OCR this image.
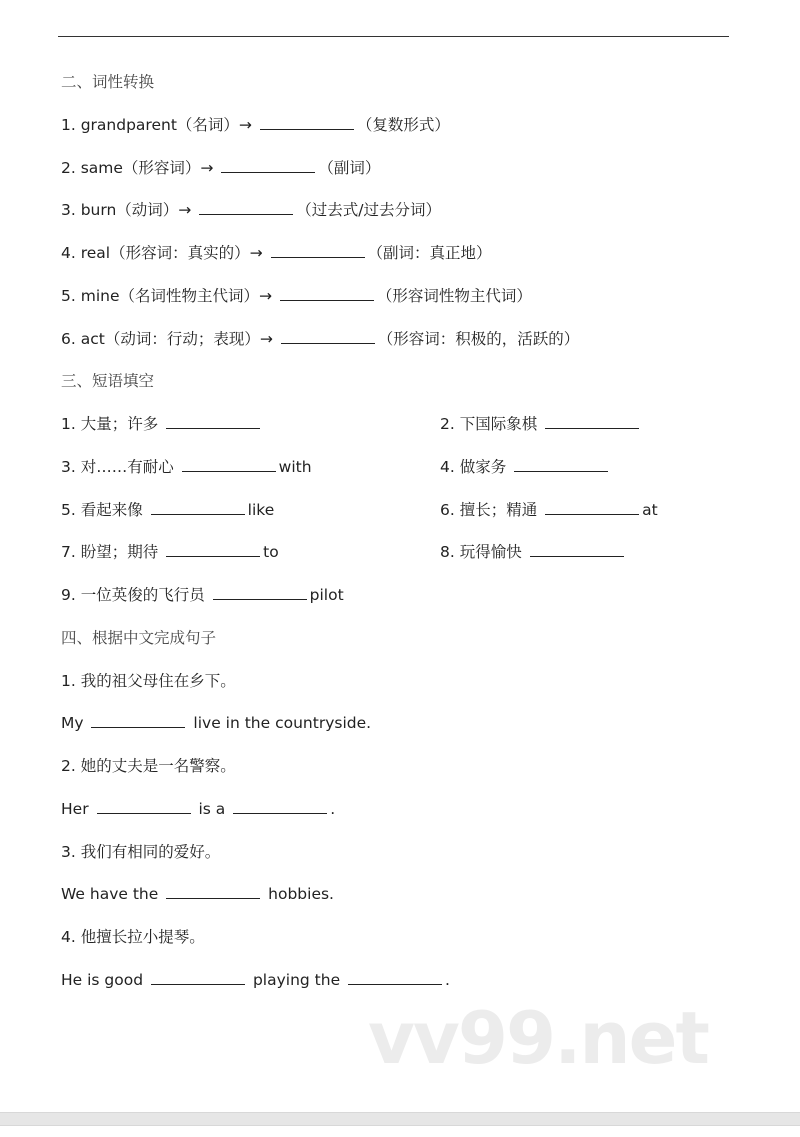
二、词性转换
1. grandparent（名词）→	（复数形式）
2. same（形容词）→	（副词）
3. burn（动词）→	（过去式/过去分词）
4. real（形容词：真实的）→	（副词：真正地）
5. mine（名词性物主代词）→	（形容词性物主代词）
6. act（动词：行动；表现）→	（形容词：积极的，活跃的）
三、短语填空
1. 大量；许多	2. 下国际象棋
3. 对……有耐心	with	4. 做家务
5. 看起来像	like	6. 擅长；精通	at
7. 盼望；期待	to	8. 玩得愉快
9. 一位英俊的飞行员	pilot
四、根据中文完成句子
1. 我的祖父母住在乡下。
My	live in the countryside.
2. 她的丈夫是一名警察。
Her	is a	.
3. 我们有相同的爱好。
We have the	hobbies.
4. 他擅长拉小提琴。
He is good	playing the	.
vv99.net
